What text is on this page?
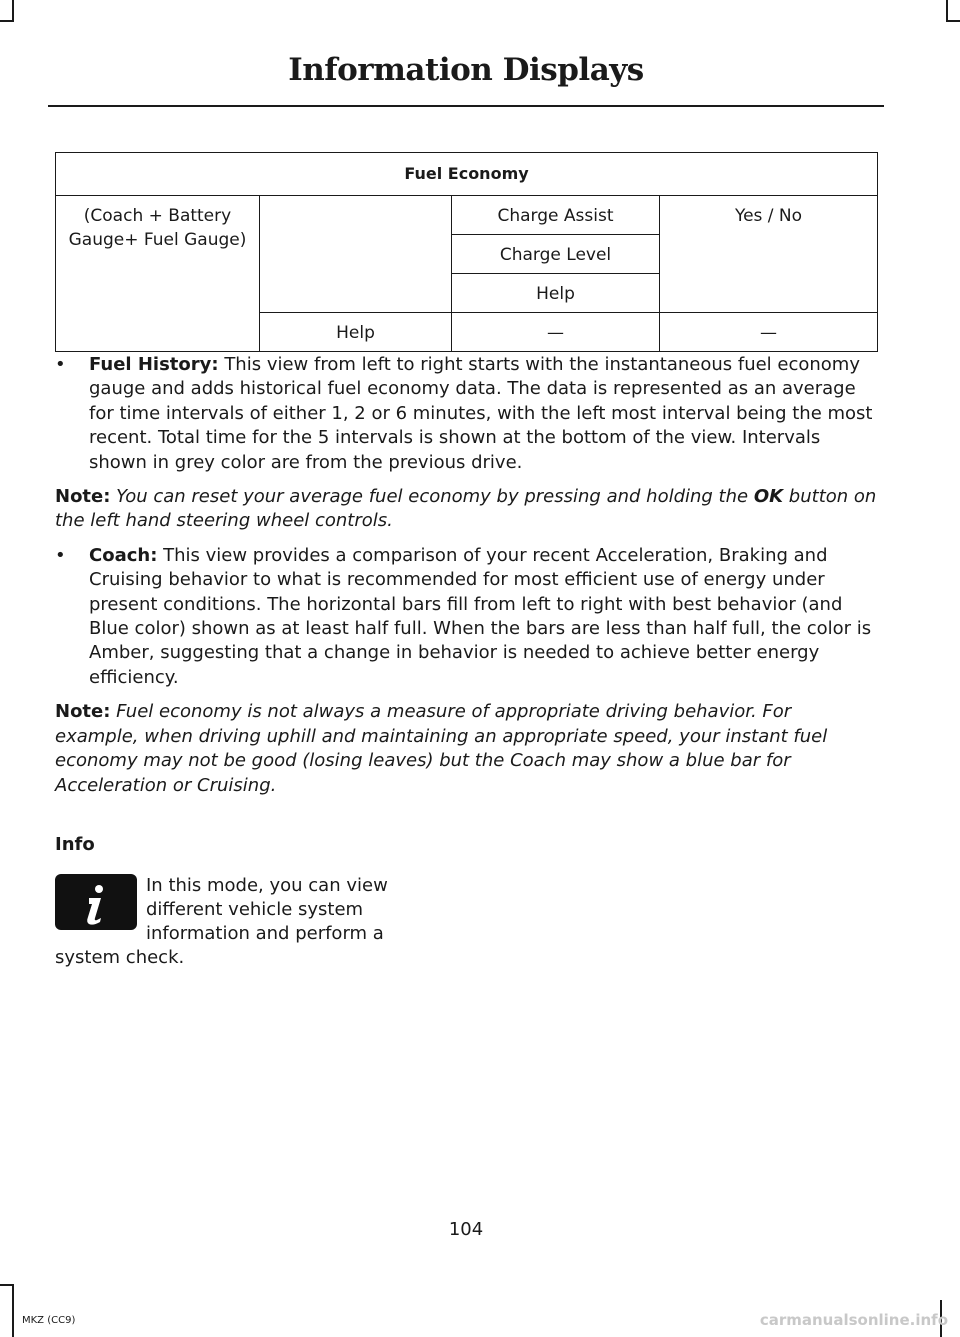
Information Displays
Fuel Economy			
(Coach + Battery Gauge+ Fuel Gauge)		Charge Assist	Yes / No
		Charge Level	
		Help	
	Help	—	—
• Fuel History: This view from left to right starts with the instantaneous fuel economy gauge and adds historical fuel economy data. The data is represented as an average for time intervals of either 1, 2 or 6 minutes, with the left most interval being the most recent. Total time for the 5 intervals is shown at the bottom of the view. Intervals shown in grey color are from the previous drive.
Note: You can reset your average fuel economy by pressing and holding the OK button on the left hand steering wheel controls.
• Coach: This view provides a comparison of your recent Acceleration, Braking and Cruising behavior to what is recommended for most efficient use of energy under present conditions. The horizontal bars fill from left to right with best behavior (and Blue color) shown as at least half full. When the bars are less than half full, the color is Amber, suggesting that a change in behavior is needed to achieve better energy efficiency.
Note: Fuel economy is not always a measure of appropriate driving behavior. For example, when driving uphill and maintaining an appropriate speed, your instant fuel economy may not be good (losing leaves) but the Coach may show a blue bar for Acceleration or Cruising.
Info
In this mode, you can view different vehicle system information and perform a
system check.
104
MKZ (CC9)	carmanualsonline.info
